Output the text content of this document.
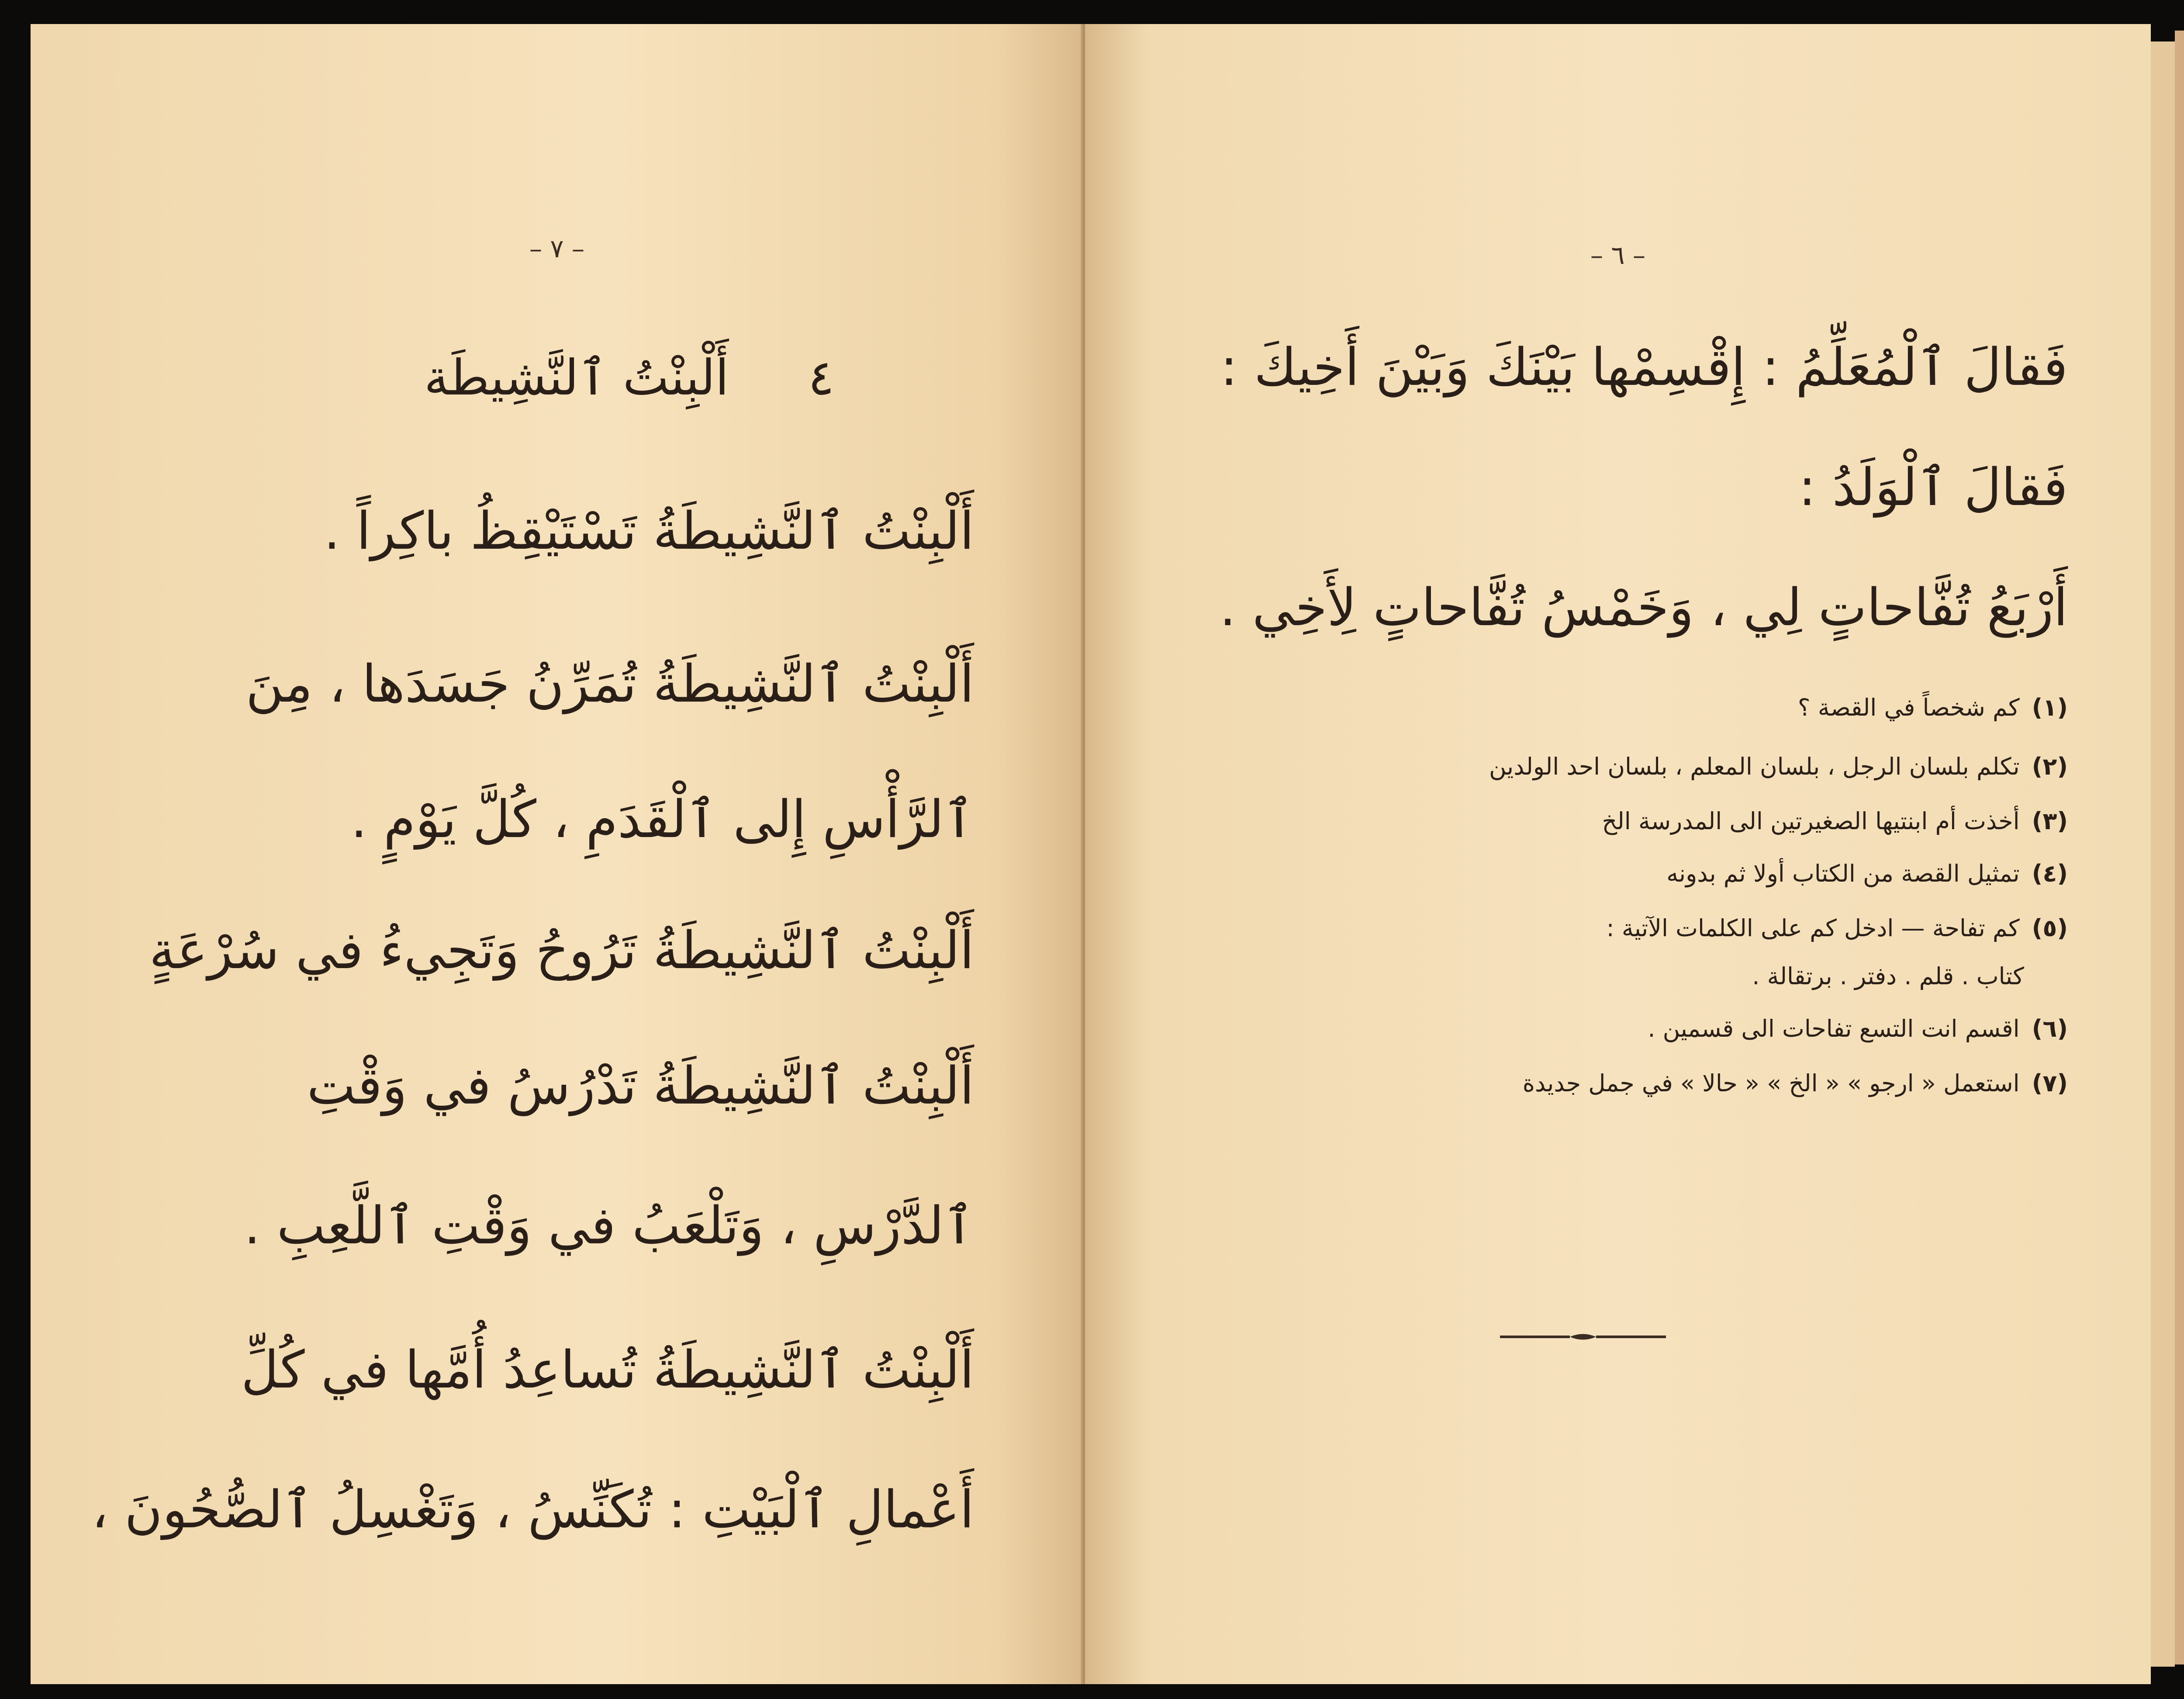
– ٧ –
٤  أَلْبِنْتُ ٱلنَّشِيطَة

أَلْبِنْتُ ٱلنَّشِيطَةُ تَسْتَيْقِظُ باكِراً .

أَلْبِنْتُ ٱلنَّشِيطَةُ تُمَرِّنُ جَسَدَها ، مِنَ

ٱلرَّأْسِ إِلى ٱلْقَدَمِ ، كُلَّ يَوْمٍ .

أَلْبِنْتُ ٱلنَّشِيطَةُ تَرُوحُ وَتَجِيءُ في سُرْعَةٍ

أَلْبِنْتُ ٱلنَّشِيطَةُ تَدْرُسُ في وَقْتِ

ٱلدَّرْسِ ، وَتَلْعَبُ في وَقْتِ ٱللَّعِبِ .

أَلْبِنْتُ ٱلنَّشِيطَةُ تُساعِدُ أُمَّها في كُلِّ

أَعْمالِ ٱلْبَيْتِ : تُكَنِّسُ ، وَتَغْسِلُ ٱلصُّحُونَ ،

– ٦ –

فَقالَ ٱلْمُعَلِّمُ : إِقْسِمْها بَيْنَكَ وَبَيْنَ أَخِيكَ :

فَقالَ ٱلْوَلَدُ :

أَرْبَعُ تُفَّاحاتٍ لِي ، وَخَمْسُ تُفَّاحاتٍ لِأَخِي .

(١)
كم شخصاً في القصة ؟
(٢)
تكلم بلسان الرجل ، بلسان المعلم ، بلسان احد الولدين
(٣)
أخذت أم ابنتيها الصغيرتين الى المدرسة الخ
(٤)
تمثيل القصة من الكتاب أولا ثم بدونه
(٥)
كم تفاحة — ادخل كم على الكلمات الآتية :

كتاب . قلم . دفتر . برتقالة .

(٦)
اقسم انت التسع تفاحات الى قسمين .
(٧)
استعمل « ارجو » « الخ » « حالا » في جمل جديدة
